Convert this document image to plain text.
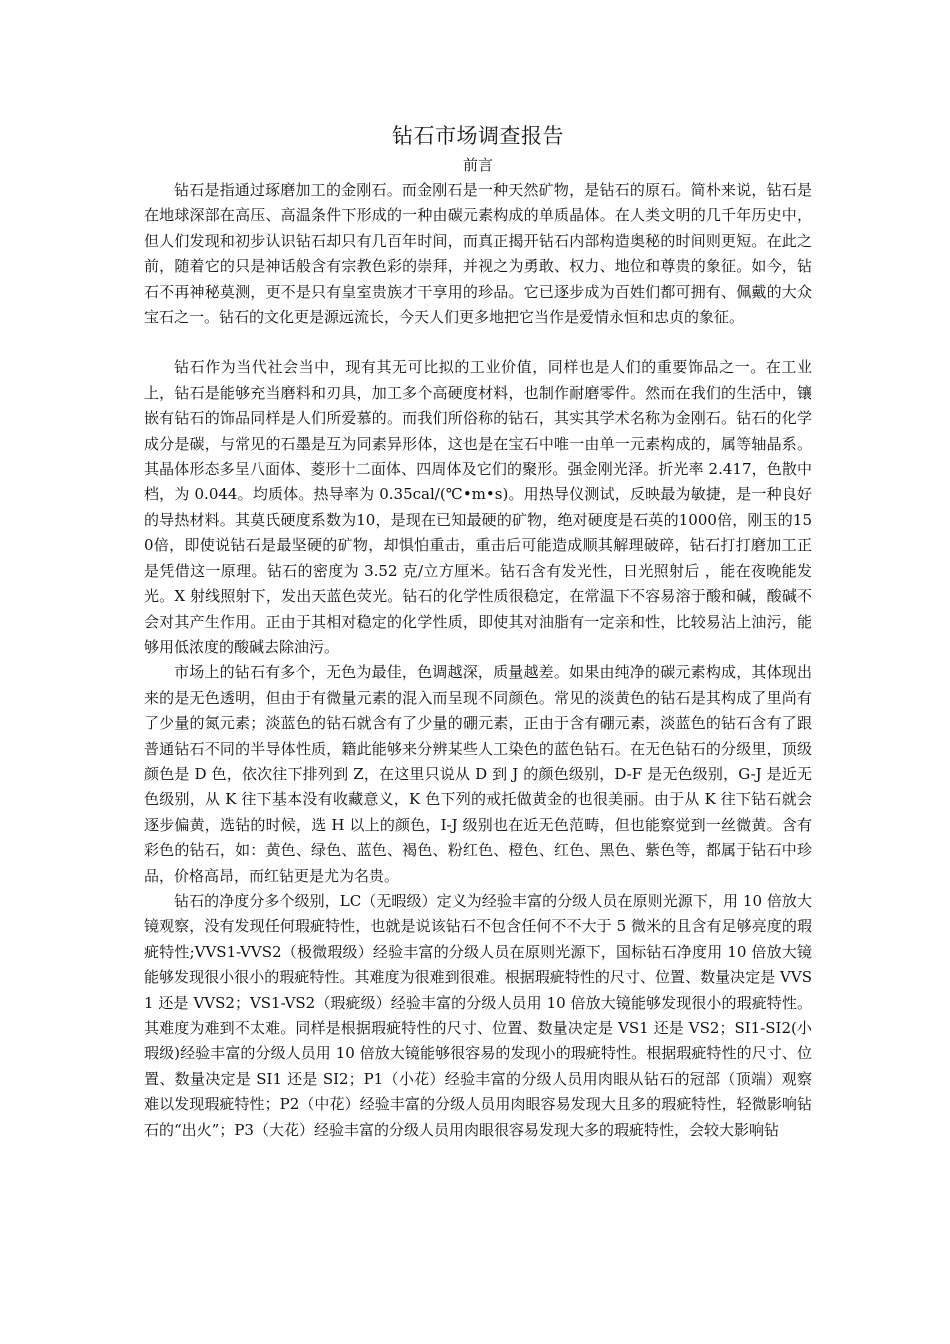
钻石市场调查报告
前言

钻石是指通过琢磨加工的金刚石。而金刚石是一种天然矿物，是钻石的原石。简朴来说，钻石是在地球深部在高压、高温条件下形成的一种由碳元素构成的单质晶体。在人类文明的几千年历史中，但人们发现和初步认识钻石却只有几百年时间，而真正揭开钻石内部构造奥秘的时间则更短。在此之前，随着它的只是神话般含有宗教色彩的崇拜，并视之为勇敢、权力、地位和尊贵的象征。如今，钻石不再神秘莫测，更不是只有皇室贵族才干享用的珍品。它已逐步成为百姓们都可拥有、佩戴的大众宝石之一。钻石的文化更是源远流长，今天人们更多地把它当作是爱情永恒和忠贞的象征。

钻石作为当代社会当中，现有其无可比拟的工业价值，同样也是人们的重要饰品之一。在工业上，钻石是能够充当磨料和刃具，加工多个高硬度材料，也制作耐磨零件。然而在我们的生活中，镶嵌有钻石的饰品同样是人们所爱慕的。而我们所俗称的钻石，其实其学术名称为金刚石。钻石的化学成分是碳，与常见的石墨是互为同素异形体，这也是在宝石中唯一由单一元素构成的，属等轴晶系。其晶体形态多呈八面体、菱形十二面体、四周体及它们的聚形。强金刚光泽。折光率 2.417，色散中档，为 0.044。均质体。热导率为 0.35cal/(℃•m•s)。用热导仪测试，反映最为敏捷，是一种良好的导热材料。其莫氏硬度系数为10，是现在已知最硬的矿物，绝对硬度是石英的1000倍，刚玉的150倍，即使说钻石是最坚硬的矿物，却惧怕重击，重击后可能造成顺其解理破碎，钻石打打磨加工正是凭借这一原理。钻石的密度为 3.52 克/立方厘米。钻石含有发光性，日光照射后 ，能在夜晚能发光。X 射线照射下，发出天蓝色荧光。钻石的化学性质很稳定，在常温下不容易溶于酸和碱，酸碱不会对其产生作用。正由于其相对稳定的化学性质，即使其对油脂有一定亲和性，比较易沾上油污，能够用低浓度的酸碱去除油污。

市场上的钻石有多个，无色为最佳，色调越深，质量越差。如果由纯净的碳元素构成，其体现出来的是无色透明，但由于有微量元素的混入而呈现不同颜色。常见的淡黄色的钻石是其构成了里尚有了少量的氮元素；淡蓝色的钻石就含有了少量的硼元素，正由于含有硼元素，淡蓝色的钻石含有了跟普通钻石不同的半导体性质，籍此能够来分辨某些人工染色的蓝色钻石。在无色钻石的分级里，顶级颜色是 D 色，依次往下排列到 Z，在这里只说从 D 到 J 的颜色级别，D-F 是无色级别，G-J 是近无色级别，从 K 往下基本没有收藏意义，K 色下列的戒托做黄金的也很美丽。由于从 K 往下钻石就会逐步偏黄，选钻的时候，选 H 以上的颜色，I-J 级别也在近无色范畴，但也能察觉到一丝微黄。含有彩色的钻石，如：黄色、绿色、蓝色、褐色、粉红色、橙色、红色、黑色、紫色等，都属于钻石中珍品，价格高昂，而红钻更是尤为名贵。

钻石的净度分多个级别，LC（无暇级）定义为经验丰富的分级人员在原则光源下，用 10 倍放大镜观察，没有发现任何瑕疵特性，也就是说该钻石不包含任何不不大于 5 微米的且含有足够亮度的瑕疵特性;VVS1-VVS2（极微瑕级）经验丰富的分级人员在原则光源下，国标钻石净度用 10 倍放大镜能够发现很小很小的瑕疵特性。其难度为很难到很难。根据瑕疵特性的尺寸、位置、数量决定是 VVS1 还是 VVS2；VS1-VS2（瑕疵级）经验丰富的分级人员用 10 倍放大镜能够发现很小的瑕疵特性。其难度为难到不太难。同样是根据瑕疵特性的尺寸、位置、数量决定是 VS1 还是 VS2；SI1-SI2(小瑕级)经验丰富的分级人员用 10 倍放大镜能够很容易的发现小的瑕疵特性。根据瑕疵特性的尺寸、位置、数量决定是 SI1 还是 SI2；P1（小花）经验丰富的分级人员用肉眼从钻石的冠部（顶端）观察难以发现瑕疵特性；P2（中花）经验丰富的分级人员用肉眼容易发现大且多的瑕疵特性，轻微影响钻石的“出火”；P3（大花）经验丰富的分级人员用肉眼很容易发现大多的瑕疵特性，会较大影响钻
